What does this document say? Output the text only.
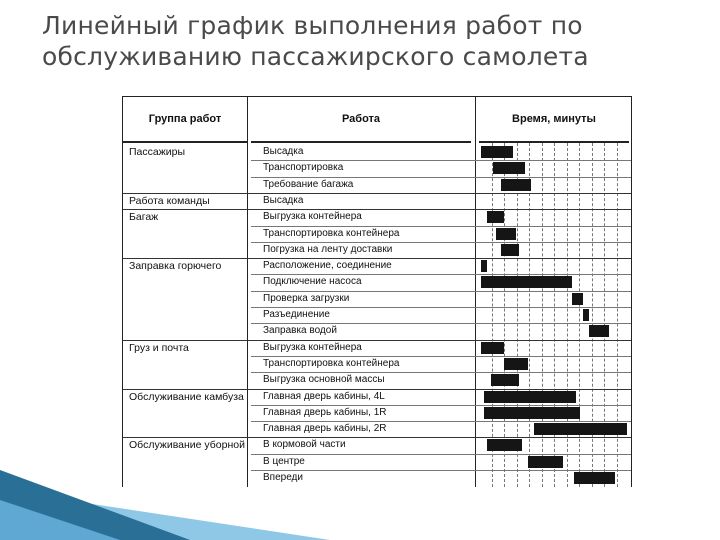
Линейный график выполнения работ по
обслуживанию пассажирского самолета
Группа работ	Работа	Время, минуты
Высадка
Транспортировка
Требование багажа
Высадка
Выгрузка контейнера
Транспортировка контейнера
Погрузка на ленту доставки
Расположение, соединение
Подключение насоса
Проверка загрузки
Разъединение
Заправка водой
Выгрузка контейнера
Транспортировка контейнера
Выгрузка основной массы
Главная дверь кабины, 4L
Главная дверь кабины, 1R
Главная дверь кабины, 2R
В кормовой части
В центре
Впереди
Пассажиры
Работа команды
Багаж
Заправка горючего
Груз и почта
Обслуживание камбуза
Обслуживание уборной
